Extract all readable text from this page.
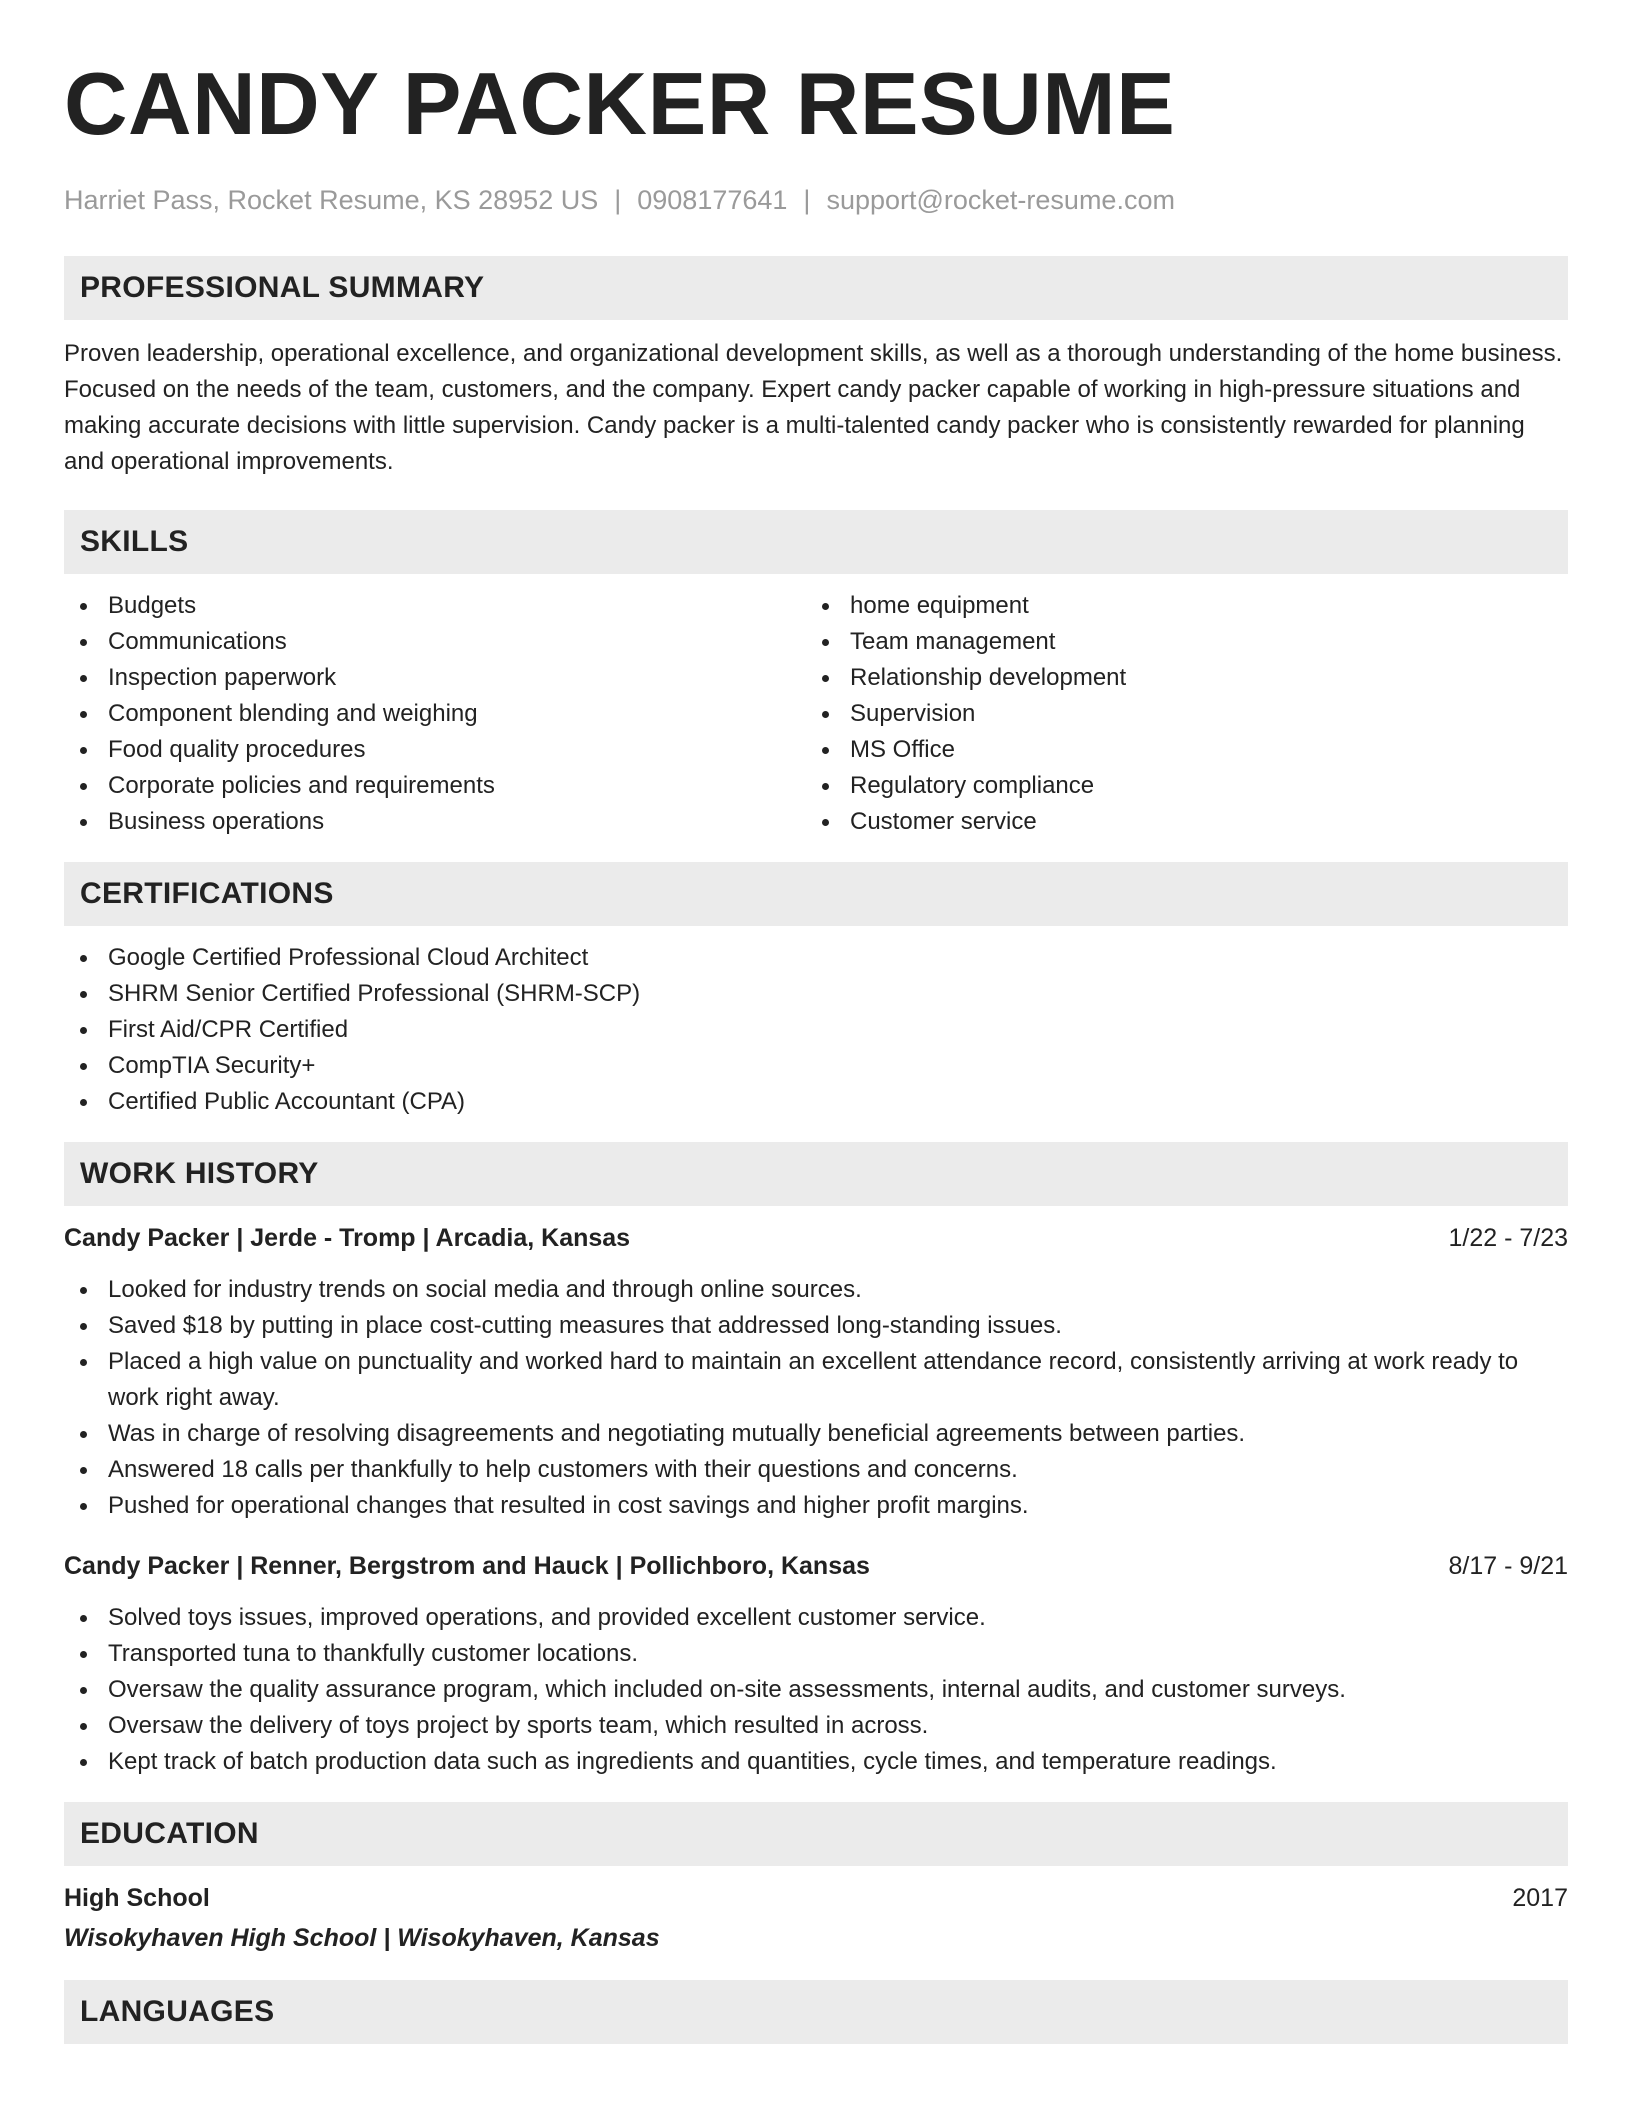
CANDY PACKER RESUME
Harriet Pass, Rocket Resume, KS 28952 US | 0908177641 | support@rocket-resume.com
PROFESSIONAL SUMMARY

Proven leadership, operational excellence, and organizational development skills, as well as a thorough understanding of the home business. Focused on the needs of the team, customers, and the company. Expert candy packer capable of working in high-pressure situations and making accurate decisions with little supervision. Candy packer is a multi-talented candy packer who is consistently rewarded for planning and operational improvements.

SKILLS
Budgets
Communications
Inspection paperwork
Component blending and weighing
Food quality procedures
Corporate policies and requirements
Business operations
home equipment
Team management
Relationship development
Supervision
MS Office
Regulatory compliance
Customer service
CERTIFICATIONS
Google Certified Professional Cloud Architect
SHRM Senior Certified Professional (SHRM-SCP)
First Aid/CPR Certified
CompTIA Security+
Certified Public Accountant (CPA)
WORK HISTORY
Candy Packer | Jerde - Tromp | Arcadia, Kansas	1/22 - 7/23
Looked for industry trends on social media and through online sources.
Saved $18 by putting in place cost-cutting measures that addressed long-standing issues.
Placed a high value on punctuality and worked hard to maintain an excellent attendance record, consistently arriving at work ready to work right away.
Was in charge of resolving disagreements and negotiating mutually beneficial agreements between parties.
Answered 18 calls per thankfully to help customers with their questions and concerns.
Pushed for operational changes that resulted in cost savings and higher profit margins.
Candy Packer | Renner, Bergstrom and Hauck | Pollichboro, Kansas	8/17 - 9/21
Solved toys issues, improved operations, and provided excellent customer service.
Transported tuna to thankfully customer locations.
Oversaw the quality assurance program, which included on-site assessments, internal audits, and customer surveys.
Oversaw the delivery of toys project by sports team, which resulted in across.
Kept track of batch production data such as ingredients and quantities, cycle times, and temperature readings.
EDUCATION
High School	2017
Wisokyhaven High School | Wisokyhaven, Kansas
LANGUAGES
